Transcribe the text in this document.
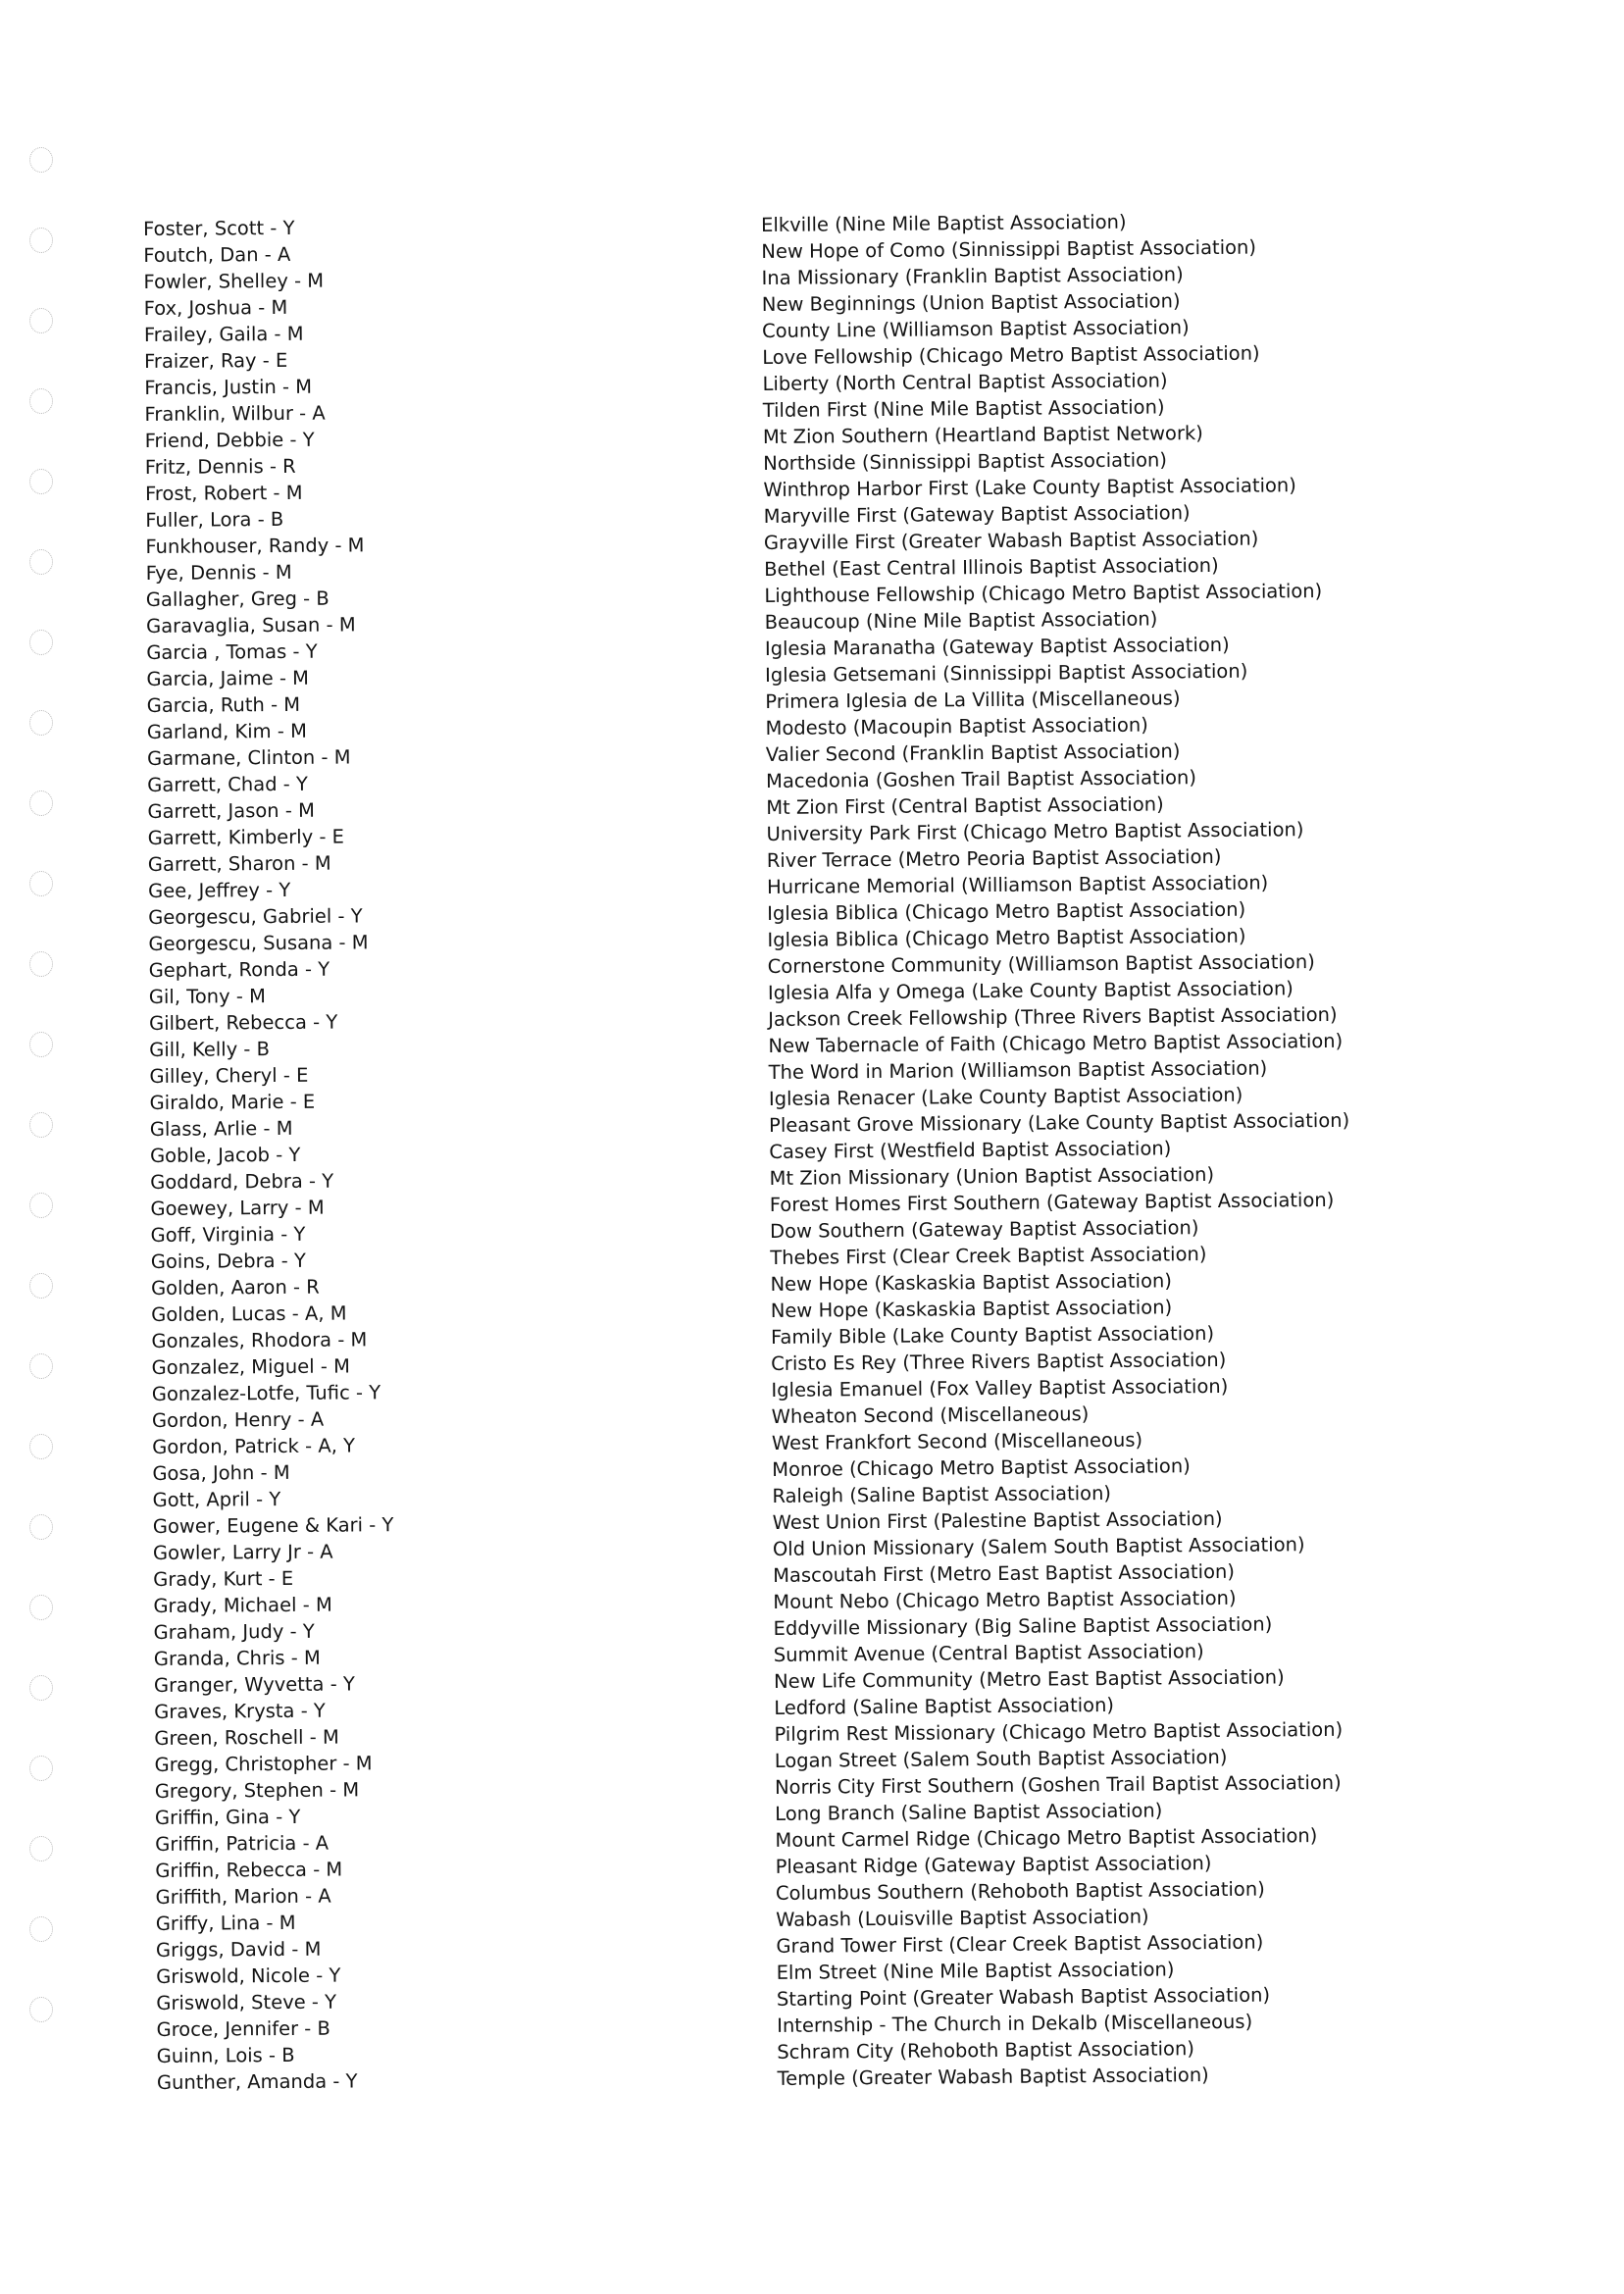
Foster, Scott - Y
Foutch, Dan - A
Fowler, Shelley - M
Fox, Joshua - M
Frailey, Gaila - M
Fraizer, Ray - E
Francis, Justin - M
Franklin, Wilbur - A
Friend, Debbie - Y
Fritz, Dennis - R
Frost, Robert - M
Fuller, Lora - B
Funkhouser, Randy - M
Fye, Dennis - M
Gallagher, Greg - B
Garavaglia, Susan - M
Garcia , Tomas - Y
Garcia, Jaime - M
Garcia, Ruth - M
Garland, Kim - M
Garmane, Clinton - M
Garrett, Chad - Y
Garrett, Jason - M
Garrett, Kimberly - E
Garrett, Sharon - M
Gee, Jeffrey - Y
Georgescu, Gabriel - Y
Georgescu, Susana - M
Gephart, Ronda - Y
Gil, Tony - M
Gilbert, Rebecca - Y
Gill, Kelly - B
Gilley, Cheryl - E
Giraldo, Marie - E
Glass, Arlie - M
Goble, Jacob - Y
Goddard, Debra - Y
Goewey, Larry - M
Goff, Virginia - Y
Goins, Debra - Y
Golden, Aaron - R
Golden, Lucas - A, M
Gonzales, Rhodora - M
Gonzalez, Miguel - M
Gonzalez-Lotfe, Tufic - Y
Gordon, Henry - A
Gordon, Patrick - A, Y
Gosa, John - M
Gott, April - Y
Gower, Eugene & Kari - Y
Gowler, Larry Jr - A
Grady, Kurt - E
Grady, Michael - M
Graham, Judy - Y
Granda, Chris - M
Granger, Wyvetta - Y
Graves, Krysta - Y
Green, Roschell - M
Gregg, Christopher - M
Gregory, Stephen - M
Griffin, Gina - Y
Griffin, Patricia - A
Griffin, Rebecca - M
Griffith, Marion - A
Griffy, Lina - M
Griggs, David - M
Griswold, Nicole - Y
Griswold, Steve - Y
Groce, Jennifer - B
Guinn, Lois - B
Gunther, Amanda - Y
Elkville (Nine Mile Baptist Association)
New Hope of Como (Sinnissippi Baptist Association)
Ina Missionary (Franklin Baptist Association)
New Beginnings (Union Baptist Association)
County Line (Williamson Baptist Association)
Love Fellowship (Chicago Metro Baptist Association)
Liberty (North Central Baptist Association)
Tilden First (Nine Mile Baptist Association)
Mt Zion Southern (Heartland Baptist Network)
Northside (Sinnissippi Baptist Association)
Winthrop Harbor First (Lake County Baptist Association)
Maryville First (Gateway Baptist Association)
Grayville First (Greater Wabash Baptist Association)
Bethel (East Central Illinois Baptist Association)
Lighthouse Fellowship (Chicago Metro Baptist Association)
Beaucoup (Nine Mile Baptist Association)
Iglesia Maranatha (Gateway Baptist Association)
Iglesia Getsemani (Sinnissippi Baptist Association)
Primera Iglesia de La Villita (Miscellaneous)
Modesto (Macoupin Baptist Association)
Valier Second (Franklin Baptist Association)
Macedonia (Goshen Trail Baptist Association)
Mt Zion First (Central Baptist Association)
University Park First (Chicago Metro Baptist Association)
River Terrace (Metro Peoria Baptist Association)
Hurricane Memorial (Williamson Baptist Association)
Iglesia Biblica (Chicago Metro Baptist Association)
Iglesia Biblica (Chicago Metro Baptist Association)
Cornerstone Community (Williamson Baptist Association)
Iglesia Alfa y Omega (Lake County Baptist Association)
Jackson Creek Fellowship (Three Rivers Baptist Association)
New Tabernacle of Faith (Chicago Metro Baptist Association)
The Word in Marion (Williamson Baptist Association)
Iglesia Renacer (Lake County Baptist Association)
Pleasant Grove Missionary (Lake County Baptist Association)
Casey First (Westfield Baptist Association)
Mt Zion Missionary (Union Baptist Association)
Forest Homes First Southern (Gateway Baptist Association)
Dow Southern (Gateway Baptist Association)
Thebes First (Clear Creek Baptist Association)
New Hope (Kaskaskia Baptist Association)
New Hope (Kaskaskia Baptist Association)
Family Bible (Lake County Baptist Association)
Cristo Es Rey (Three Rivers Baptist Association)
Iglesia Emanuel (Fox Valley Baptist Association)
Wheaton Second (Miscellaneous)
West Frankfort Second (Miscellaneous)
Monroe (Chicago Metro Baptist Association)
Raleigh (Saline Baptist Association)
West Union First (Palestine Baptist Association)
Old Union Missionary (Salem South Baptist Association)
Mascoutah First (Metro East Baptist Association)
Mount Nebo (Chicago Metro Baptist Association)
Eddyville Missionary (Big Saline Baptist Association)
Summit Avenue (Central Baptist Association)
New Life Community (Metro East Baptist Association)
Ledford (Saline Baptist Association)
Pilgrim Rest Missionary (Chicago Metro Baptist Association)
Logan Street (Salem South Baptist Association)
Norris City First Southern (Goshen Trail Baptist Association)
Long Branch (Saline Baptist Association)
Mount Carmel Ridge (Chicago Metro Baptist Association)
Pleasant Ridge (Gateway Baptist Association)
Columbus Southern (Rehoboth Baptist Association)
Wabash (Louisville Baptist Association)
Grand Tower First (Clear Creek Baptist Association)
Elm Street (Nine Mile Baptist Association)
Starting Point (Greater Wabash Baptist Association)
Internship - The Church in Dekalb (Miscellaneous)
Schram City (Rehoboth Baptist Association)
Temple (Greater Wabash Baptist Association)
